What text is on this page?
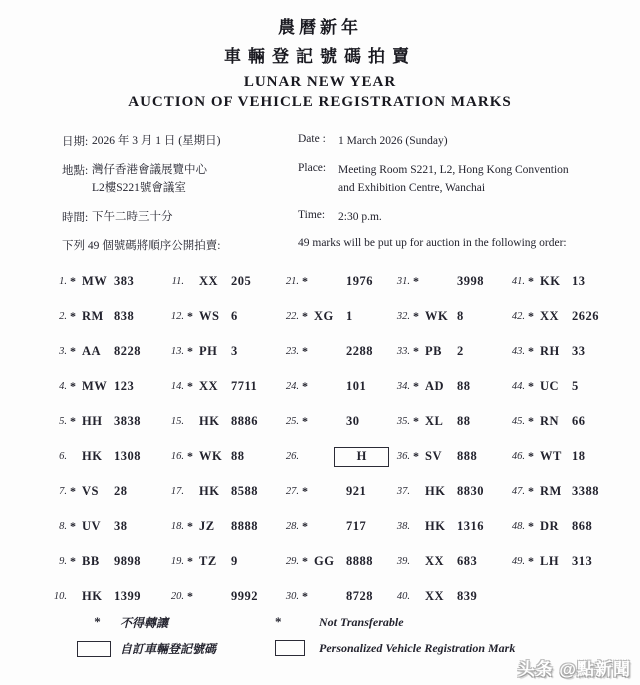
農曆新年
車輛登記號碼拍賣
LUNAR NEW YEAR
AUCTION OF VEHICLE REGISTRATION MARKS
日期: 2026 年 3 月 1 日 (星期日)	Date :	1 March 2026 (Sunday)
地點: 灣仔香港會議展覽中心
L2樓S221號會議室
Place:	Meeting Room S221, L2, Hong Kong Convention
and Exhibition Centre, Wanchai
時間: 下午二時三十分	Time:	2:30 p.m.
下列 49 個號碼將順序公開拍賣:	49 marks will be put up for auction in the following order:
1. * MW 383
2. * RM 838
3. * AA	8228
4. * MW 123
5. * HH 3838
6. HK 1308
7. * VS	28
8. * UV	38
9. * BB	9898
10. HK 1399
11. XX	205
12. * WS 6
13. * PH	3
14. * XX	7711
15. HK 8886
16. * WK 88
17. HK 8588
18. * JZ	8888
19. * TZ	9
20. *	9992
21. *	1976
22. * XG 1
23. *	2288
24. *	101
25. *	30
26.	H
27. *	921
28. *	717
29. * GG 8888
30. *	8728
31. *	3998
32. * WK 8
33. * PB	2
34. * AD	88
35. * XL	88
36. * SV	888
37. HK 8830
38. HK 1316
39. XX	683
40. XX	839
41. * KK 13
42. * XX	2626
43. * RH 33
44. * UC	5
45. * RN	66
46. * WT 18
47. * RM 3388
48. * DR	868
49. * LH	313
*	不得轉讓	*	Not Transferable
自訂車輛登記號碼	Personalized Vehicle Registration Mark
头条 @點新聞
